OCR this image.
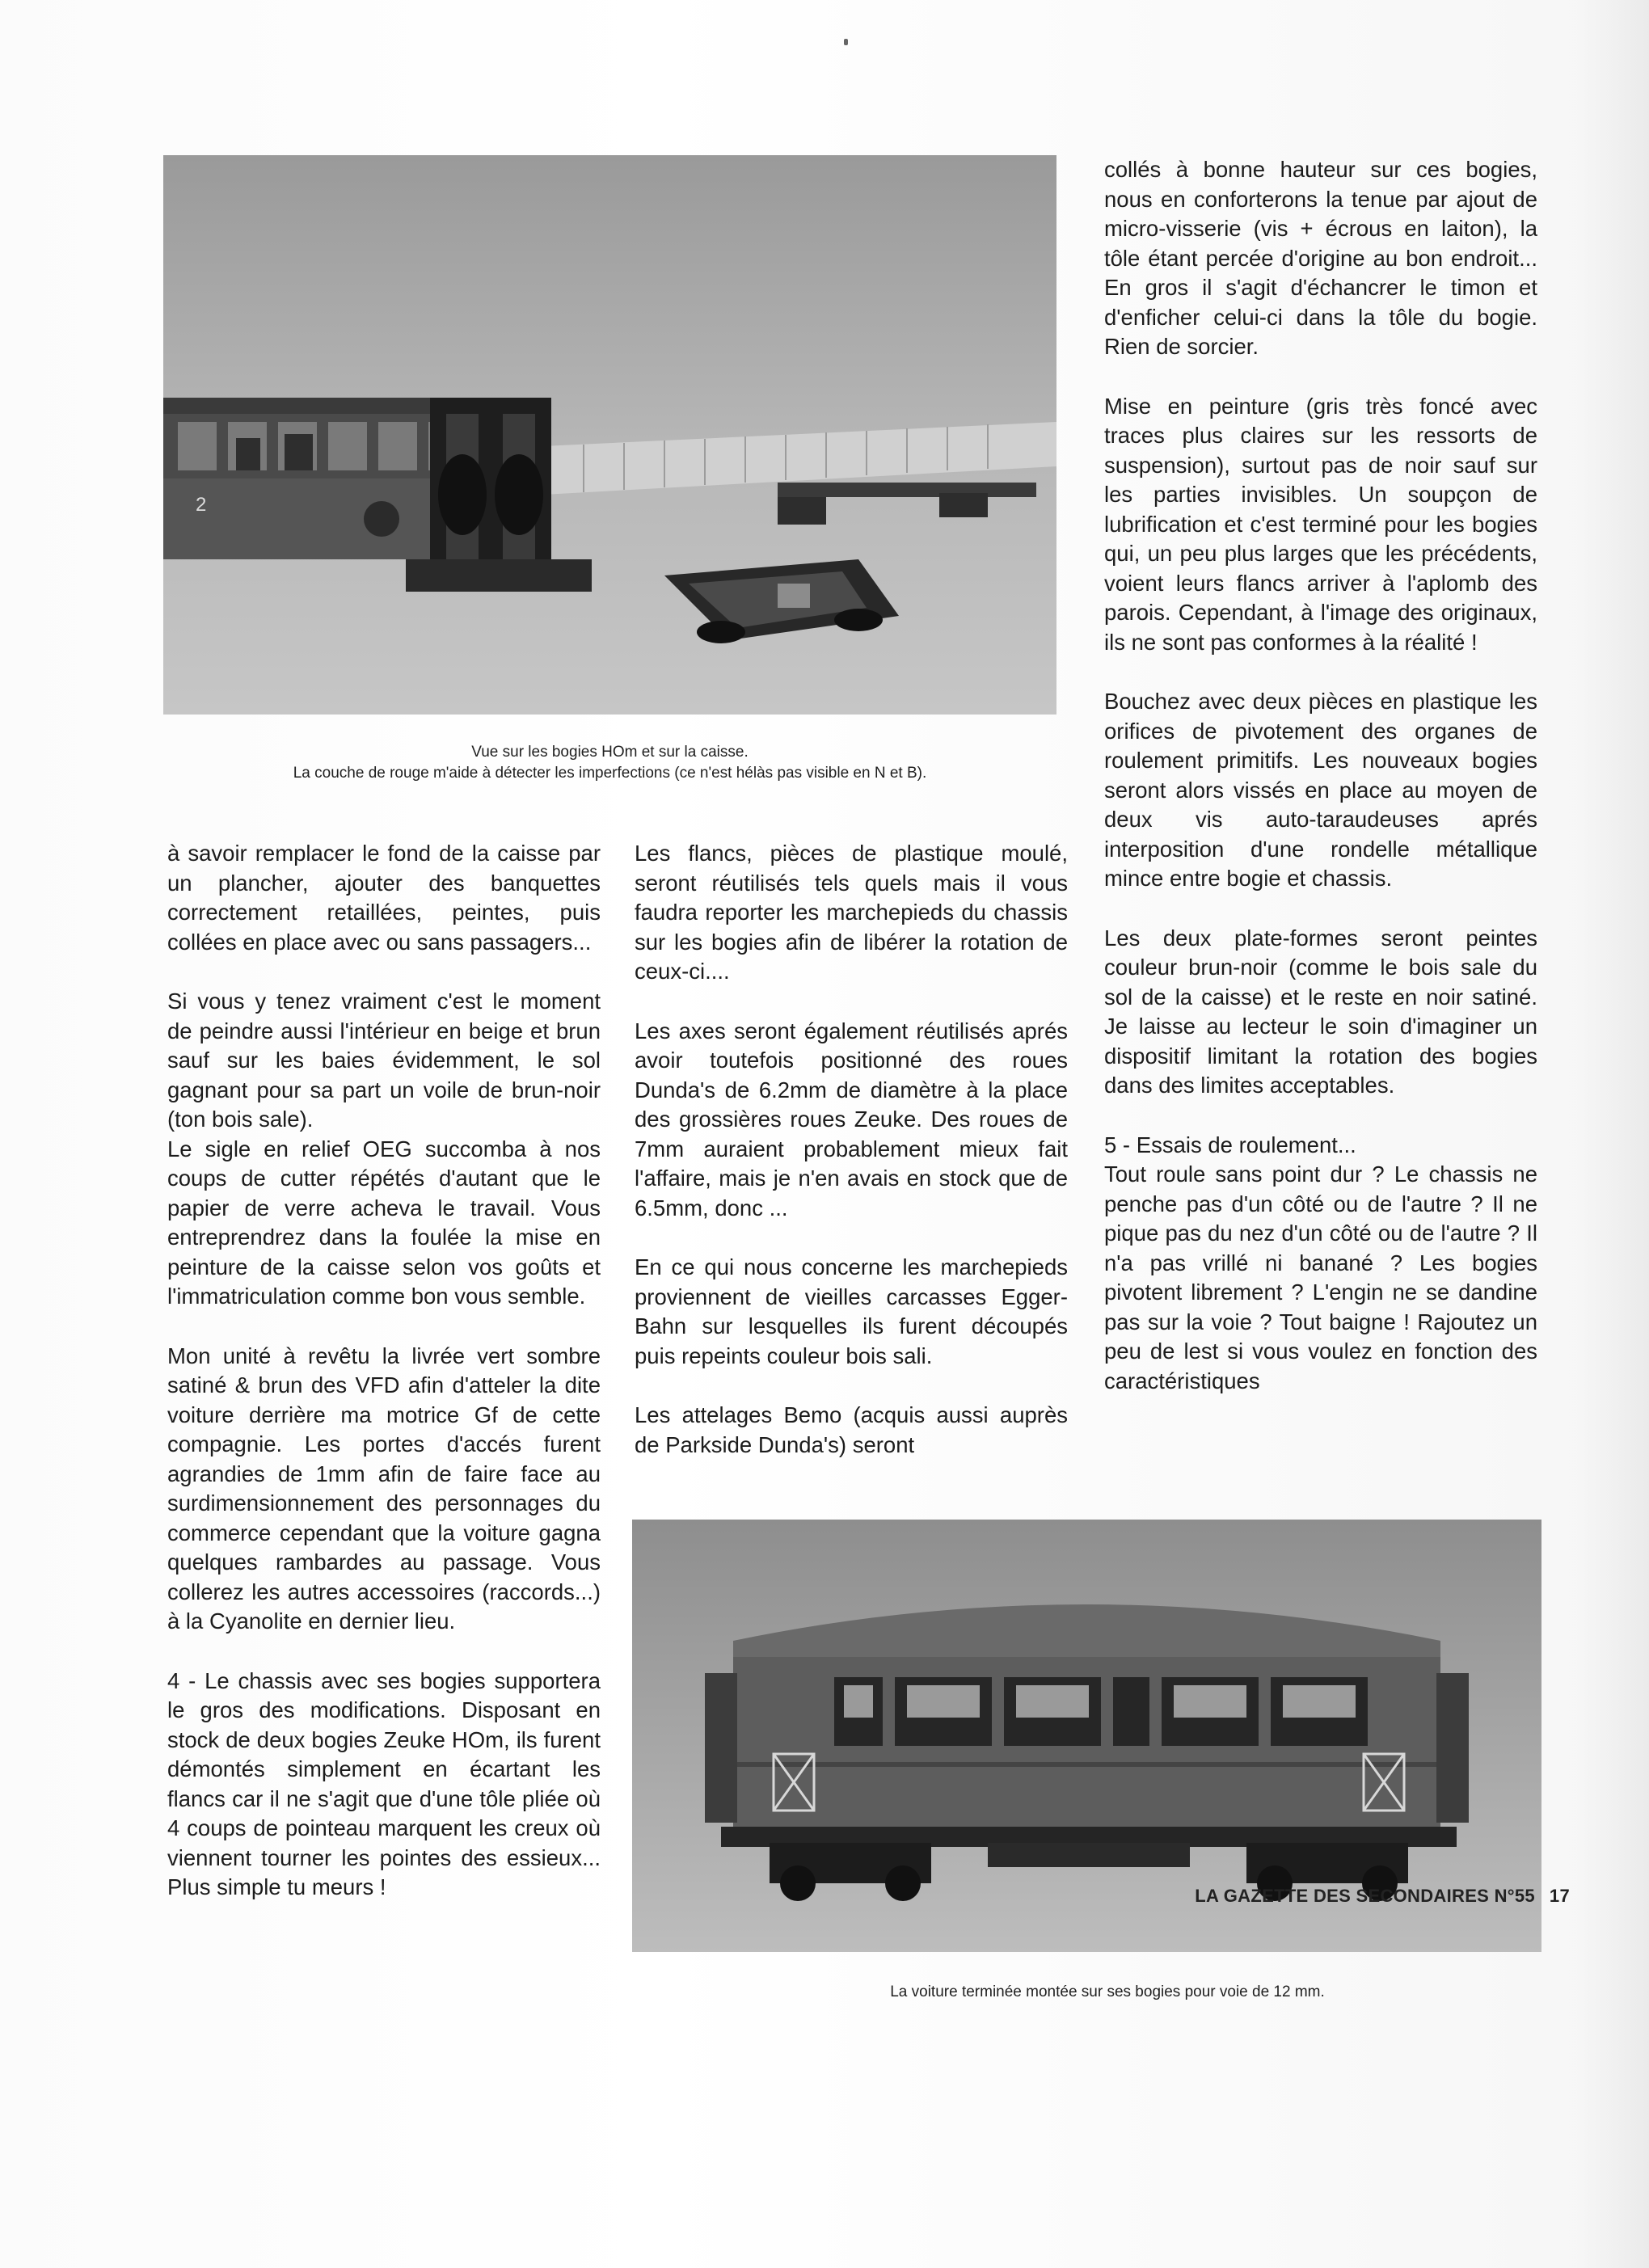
2
Vue sur les bogies HOm et sur la caisse.
La couche de rouge m'aide à détecter les imperfections (ce n'est hélàs pas visible en N et B).

collés à bonne hauteur sur ces bogies, nous en conforterons la tenue par ajout de micro-visserie (vis + écrous en laiton), la tôle étant percée d'origine au bon endroit... En gros il s'agit d'échancrer le timon et d'enficher celui-ci dans la tôle du bogie. Rien de sorcier.

Mise en peinture (gris très foncé avec traces plus claires sur les ressorts de suspension), surtout pas de noir sauf sur les parties invisibles. Un soupçon de lubrification et c'est terminé pour les bogies qui, un peu plus larges que les précédents, voient leurs flancs arriver à l'aplomb des parois. Cependant, à l'image des originaux, ils ne sont pas conformes à la réalité !

Bouchez avec deux pièces en plastique les orifices de pivotement des organes de roulement primitifs. Les nouveaux bogies seront alors vissés en place au moyen de deux vis auto-taraudeuses aprés interposition d'une rondelle métallique mince entre bogie et chassis.

Les deux plate-formes seront peintes couleur brun-noir (comme le bois sale du sol de la caisse) et le reste en noir satiné. Je laisse au lecteur le soin d'imaginer un dispositif limitant la rotation des bogies dans des limites acceptables.

5 - Essais de roulement...

Tout roule sans point dur ? Le chassis ne penche pas d'un côté ou de l'autre ? Il ne pique pas du nez d'un côté ou de l'autre ? Il n'a pas vrillé ni banané ? Les bogies pivotent librement ? L'engin ne se dandine pas sur la voie ? Tout baigne ! Rajoutez un peu de lest si vous voulez en fonction des caractéristiques

à savoir remplacer le fond de la caisse par un plancher, ajouter des banquettes correctement retaillées, peintes, puis collées en place avec ou sans passagers...

Si vous y tenez vraiment c'est le moment de peindre aussi l'intérieur en beige et brun sauf sur les baies évidemment, le sol gagnant pour sa part un voile de brun-noir (ton bois sale).

Le sigle en relief OEG succomba à nos coups de cutter répétés d'autant que le papier de verre acheva le travail. Vous entreprendrez dans la foulée la mise en peinture de la caisse selon vos goûts et l'immatriculation comme bon vous semble.

Mon unité à revêtu la livrée vert sombre satiné & brun des VFD afin d'atteler la dite voiture derrière ma motrice Gf de cette compagnie. Les portes d'accés furent agrandies de 1mm afin de faire face au surdimensionnement des personnages du commerce cependant que la voiture gagna quelques rambardes au passage. Vous collerez les autres accessoires (raccords...) à la Cyanolite en dernier lieu.

4 - Le chassis avec ses bogies supportera le gros des modifications. Disposant en stock de deux bogies Zeuke HOm, ils furent démontés simplement en écartant les flancs car il ne s'agit que d'une tôle pliée où 4 coups de pointeau marquent les creux où viennent tourner les pointes des essieux... Plus simple tu meurs !

Les flancs, pièces de plastique moulé, seront réutilisés tels quels mais il vous faudra reporter les marchepieds du chassis sur les bogies afin de libérer la rotation de ceux-ci....

Les axes seront également réutilisés aprés avoir toutefois positionné des roues Dunda's de 6.2mm de diamètre à la place des grossières roues Zeuke. Des roues de 7mm auraient probablement mieux fait l'affaire, mais je n'en avais en stock que de 6.5mm, donc ...

En ce qui nous concerne les marchepieds proviennent de vieilles carcasses Egger-Bahn sur lesquelles ils furent découpés puis repeints couleur bois sali.

Les attelages Bemo (acquis aussi auprès de Parkside Dunda's) seront

La voiture terminée montée sur ses bogies pour voie de 12 mm.
LA GAZETTE DES SECONDAIRES N°55 17
